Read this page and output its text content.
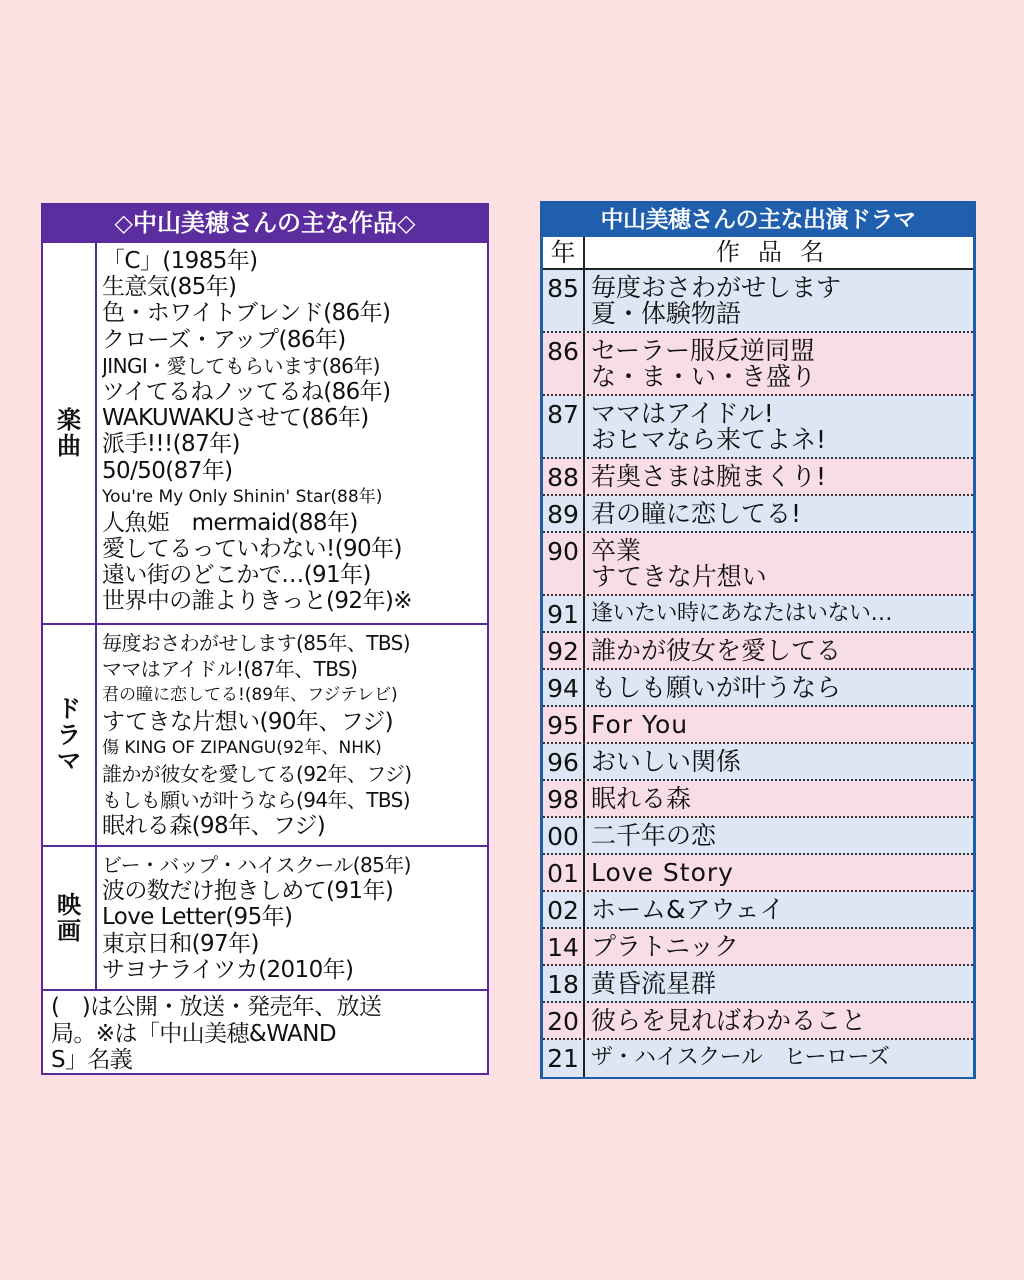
◇中山美穂さんの主な作品◇
楽曲
「C」(1985年)
生意気(85年)
色・ホワイトブレンド(86年)
クローズ・アップ(86年)
JINGI・愛してもらいます(86年)
ツイてるねノッてるね(86年)
WAKUWAKUさせて(86年)
派手!!!(87年)
50/50(87年)
You're My Only Shinin' Star(88年)
人魚姫　mermaid(88年)
愛してるっていわない!(90年)
遠い街のどこかで…(91年)
世界中の誰よりきっと(92年)※
ドラマ
毎度おさわがせします(85年、TBS)
ママはアイドル!(87年、TBS)
君の瞳に恋してる!(89年、フジテレビ)
すてきな片想い(90年、フジ)
傷 KING OF ZIPANGU(92年、NHK)
誰かが彼女を愛してる(92年、フジ)
もしも願いが叶うなら(94年、TBS)
眠れる森(98年、フジ)
映画
ビー・バップ・ハイスクール(85年)
波の数だけ抱きしめて(91年)
Love Letter(95年)
東京日和(97年)
サヨナライツカ(2010年)
(　)は公開・放送・発売年、放送
局。※は「中山美穂&WAND
S」名義
中山美穂さんの主な出演ドラマ
年	作品名
85 毎度おさわがせします
夏・体験物語
86 セーラー服反逆同盟
な・ま・い・き盛り
87 ママはアイドル!
おヒマなら来てよネ!
88 若奥さまは腕まくり!
89 君の瞳に恋してる!
90 卒業
すてきな片想い
91 逢いたい時にあなたはいない…
92 誰かが彼女を愛してる
94 もしも願いが叶うなら
95 For You
96 おいしい関係
98 眠れる森
00 二千年の恋
01 Love Story
02 ホーム&アウェイ
14 プラトニック
18 黄昏流星群
20 彼らを見ればわかること
21 ザ・ハイスクール　ヒーローズ
